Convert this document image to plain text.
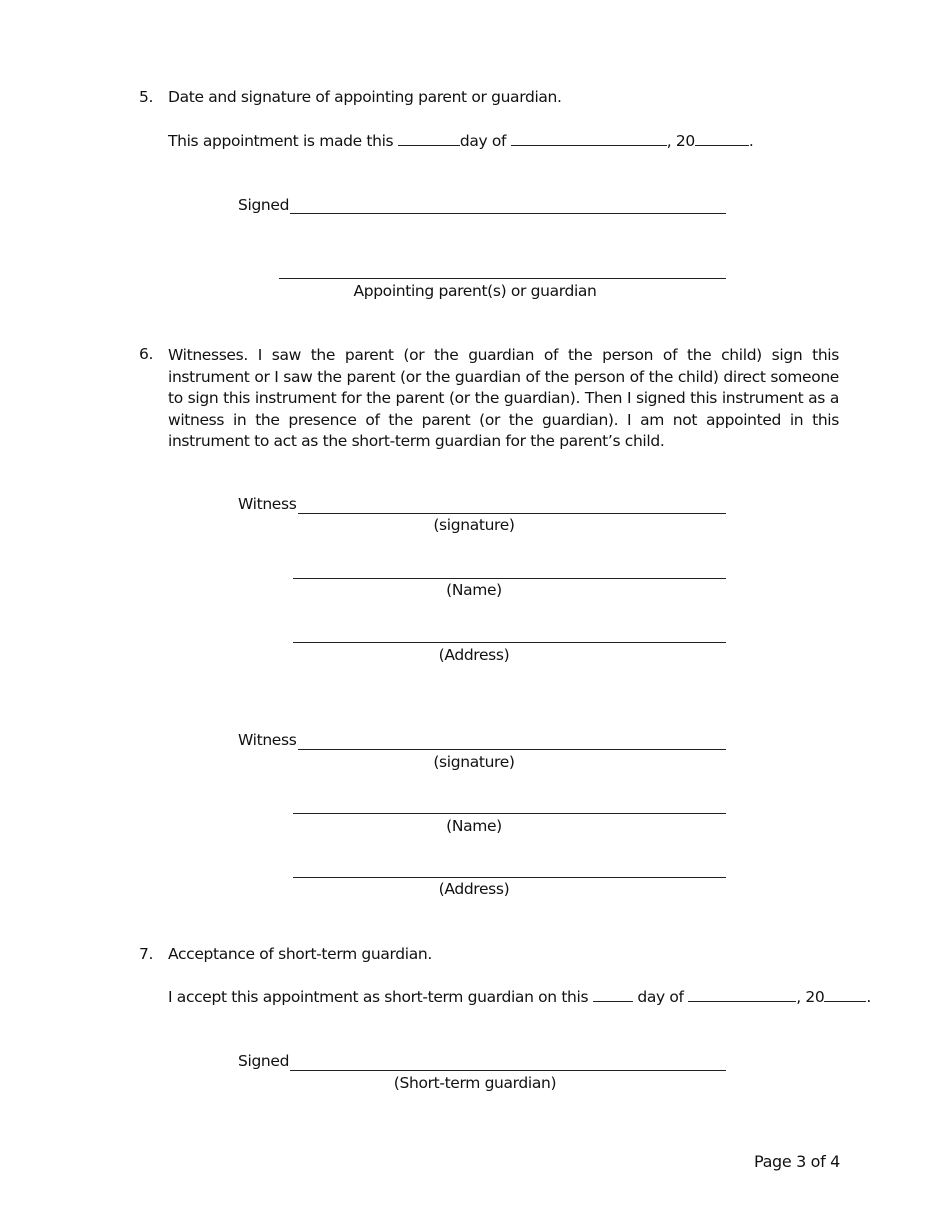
5. Date and signature of appointing parent or guardian.
This appointment is made this	day of	, 20	.
Signed
Appointing parent(s) or guardian
6. Witnesses. I saw the parent (or the guardian of the person of the child) sign this instrument or I saw the parent (or the guardian of the person of the child) direct someone to sign this instrument for the parent (or the guardian). Then I signed this instrument as a witness in the presence of the parent (or the guardian). I am not appointed in this instrument to act as the short-term guardian for the parent’s child.
Witness
(signature)
(Name)
(Address)
Witness
(signature)
(Name)
(Address)
7. Acceptance of short-term guardian.
I accept this appointment as short-term guardian on this	day of	, 20	.
Signed
(Short-term guardian)
Page 3 of 4
